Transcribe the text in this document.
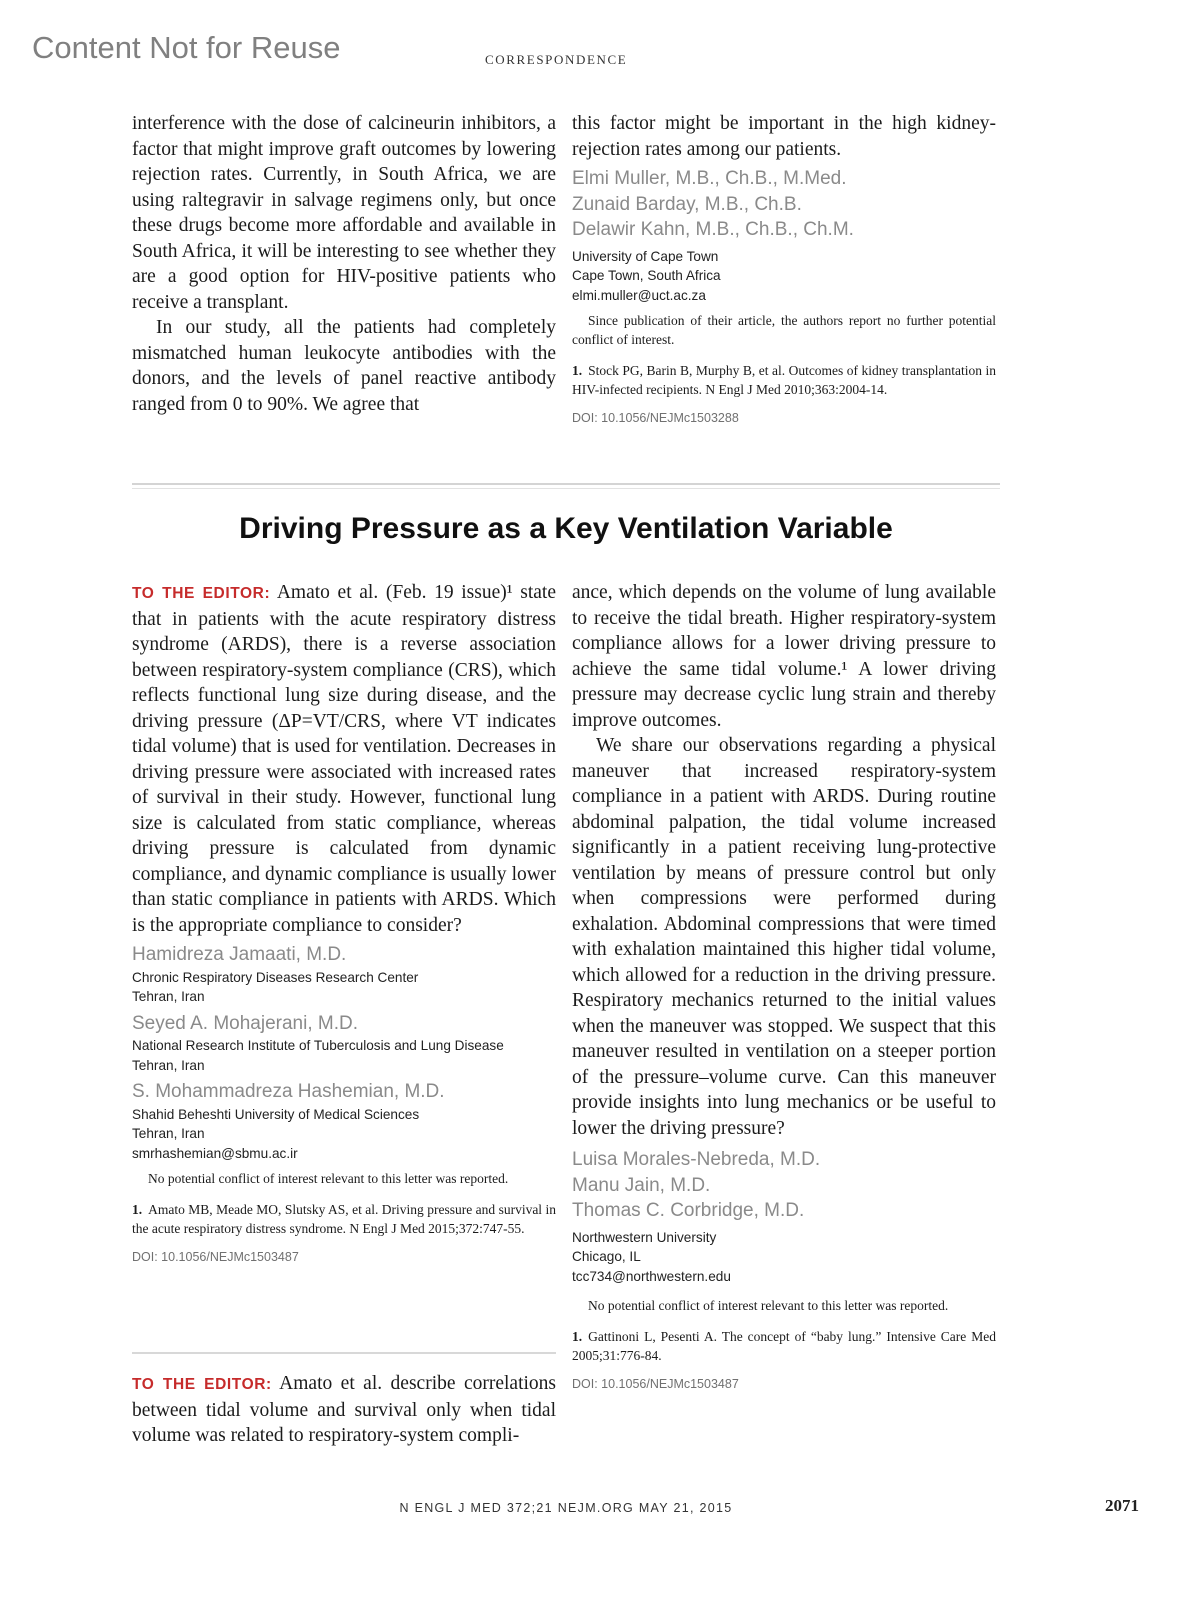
Content Not for Reuse	CORRESPONDENCE

interference with the dose of calcineurin inhibitors, a factor that might improve graft outcomes by lowering rejection rates. Currently, in South Africa, we are using raltegravir in salvage regimens only, but once these drugs become more affordable and available in South Africa, it will be interesting to see whether they are a good option for HIV-positive patients who receive a transplant.

In our study, all the patients had completely mismatched human leukocyte antibodies with the donors, and the levels of panel reactive antibody ranged from 0 to 90%. We agree that

this factor might be important in the high kidney-rejection rates among our patients.

Elmi Muller, M.B., Ch.B., M.Med.

Zunaid Barday, M.B., Ch.B.

Delawir Kahn, M.B., Ch.B., Ch.M.

University of Cape Town

Cape Town, South Africa

elmi.muller@uct.ac.za

Since publication of their article, the authors report no further potential conflict of interest.

1. Stock PG, Barin B, Murphy B, et al. Outcomes of kidney transplantation in HIV-infected recipients. N Engl J Med 2010;363:2004-14.

DOI: 10.1056/NEJMc1503288

Driving Pressure as a Key Ventilation Variable

TO THE EDITOR: Amato et al. (Feb. 19 issue)¹ state that in patients with the acute respiratory distress syndrome (ARDS), there is a reverse association between respiratory-system compliance (CRS), which reflects functional lung size during disease, and the driving pressure (ΔP=VT/CRS, where VT indicates tidal volume) that is used for ventilation. Decreases in driving pressure were associated with increased rates of survival in their study. However, functional lung size is calculated from static compliance, whereas driving pressure is calculated from dynamic compliance, and dynamic compliance is usually lower than static compliance in patients with ARDS. Which is the appropriate compliance to consider?

Hamidreza Jamaati, M.D.

Chronic Respiratory Diseases Research Center

Tehran, Iran

Seyed A. Mohajerani, M.D.

National Research Institute of Tuberculosis and Lung Disease

Tehran, Iran

S. Mohammadreza Hashemian, M.D.

Shahid Beheshti University of Medical Sciences

Tehran, Iran

smrhashemian@sbmu.ac.ir

No potential conflict of interest relevant to this letter was reported.

1. Amato MB, Meade MO, Slutsky AS, et al. Driving pressure and survival in the acute respiratory distress syndrome. N Engl J Med 2015;372:747-55.

DOI: 10.1056/NEJMc1503487

TO THE EDITOR: Amato et al. describe correlations between tidal volume and survival only when tidal volume was related to respiratory-system compli-

ance, which depends on the volume of lung available to receive the tidal breath. Higher respiratory-system compliance allows for a lower driving pressure to achieve the same tidal volume.¹ A lower driving pressure may decrease cyclic lung strain and thereby improve outcomes.

We share our observations regarding a physical maneuver that increased respiratory-system compliance in a patient with ARDS. During routine abdominal palpation, the tidal volume increased significantly in a patient receiving lung-protective ventilation by means of pressure control but only when compressions were performed during exhalation. Abdominal compressions that were timed with exhalation maintained this higher tidal volume, which allowed for a reduction in the driving pressure. Respiratory mechanics returned to the initial values when the maneuver was stopped. We suspect that this maneuver resulted in ventilation on a steeper portion of the pressure–volume curve. Can this maneuver provide insights into lung mechanics or be useful to lower the driving pressure?

Luisa Morales-Nebreda, M.D.

Manu Jain, M.D.

Thomas C. Corbridge, M.D.

Northwestern University

Chicago, IL

tcc734@northwestern.edu

No potential conflict of interest relevant to this letter was reported.

1. Gattinoni L, Pesenti A. The concept of “baby lung.” Intensive Care Med 2005;31:776-84.

DOI: 10.1056/NEJMc1503487

N ENGL J MED 372;21 NEJM.ORG MAY 21, 2015	2071
